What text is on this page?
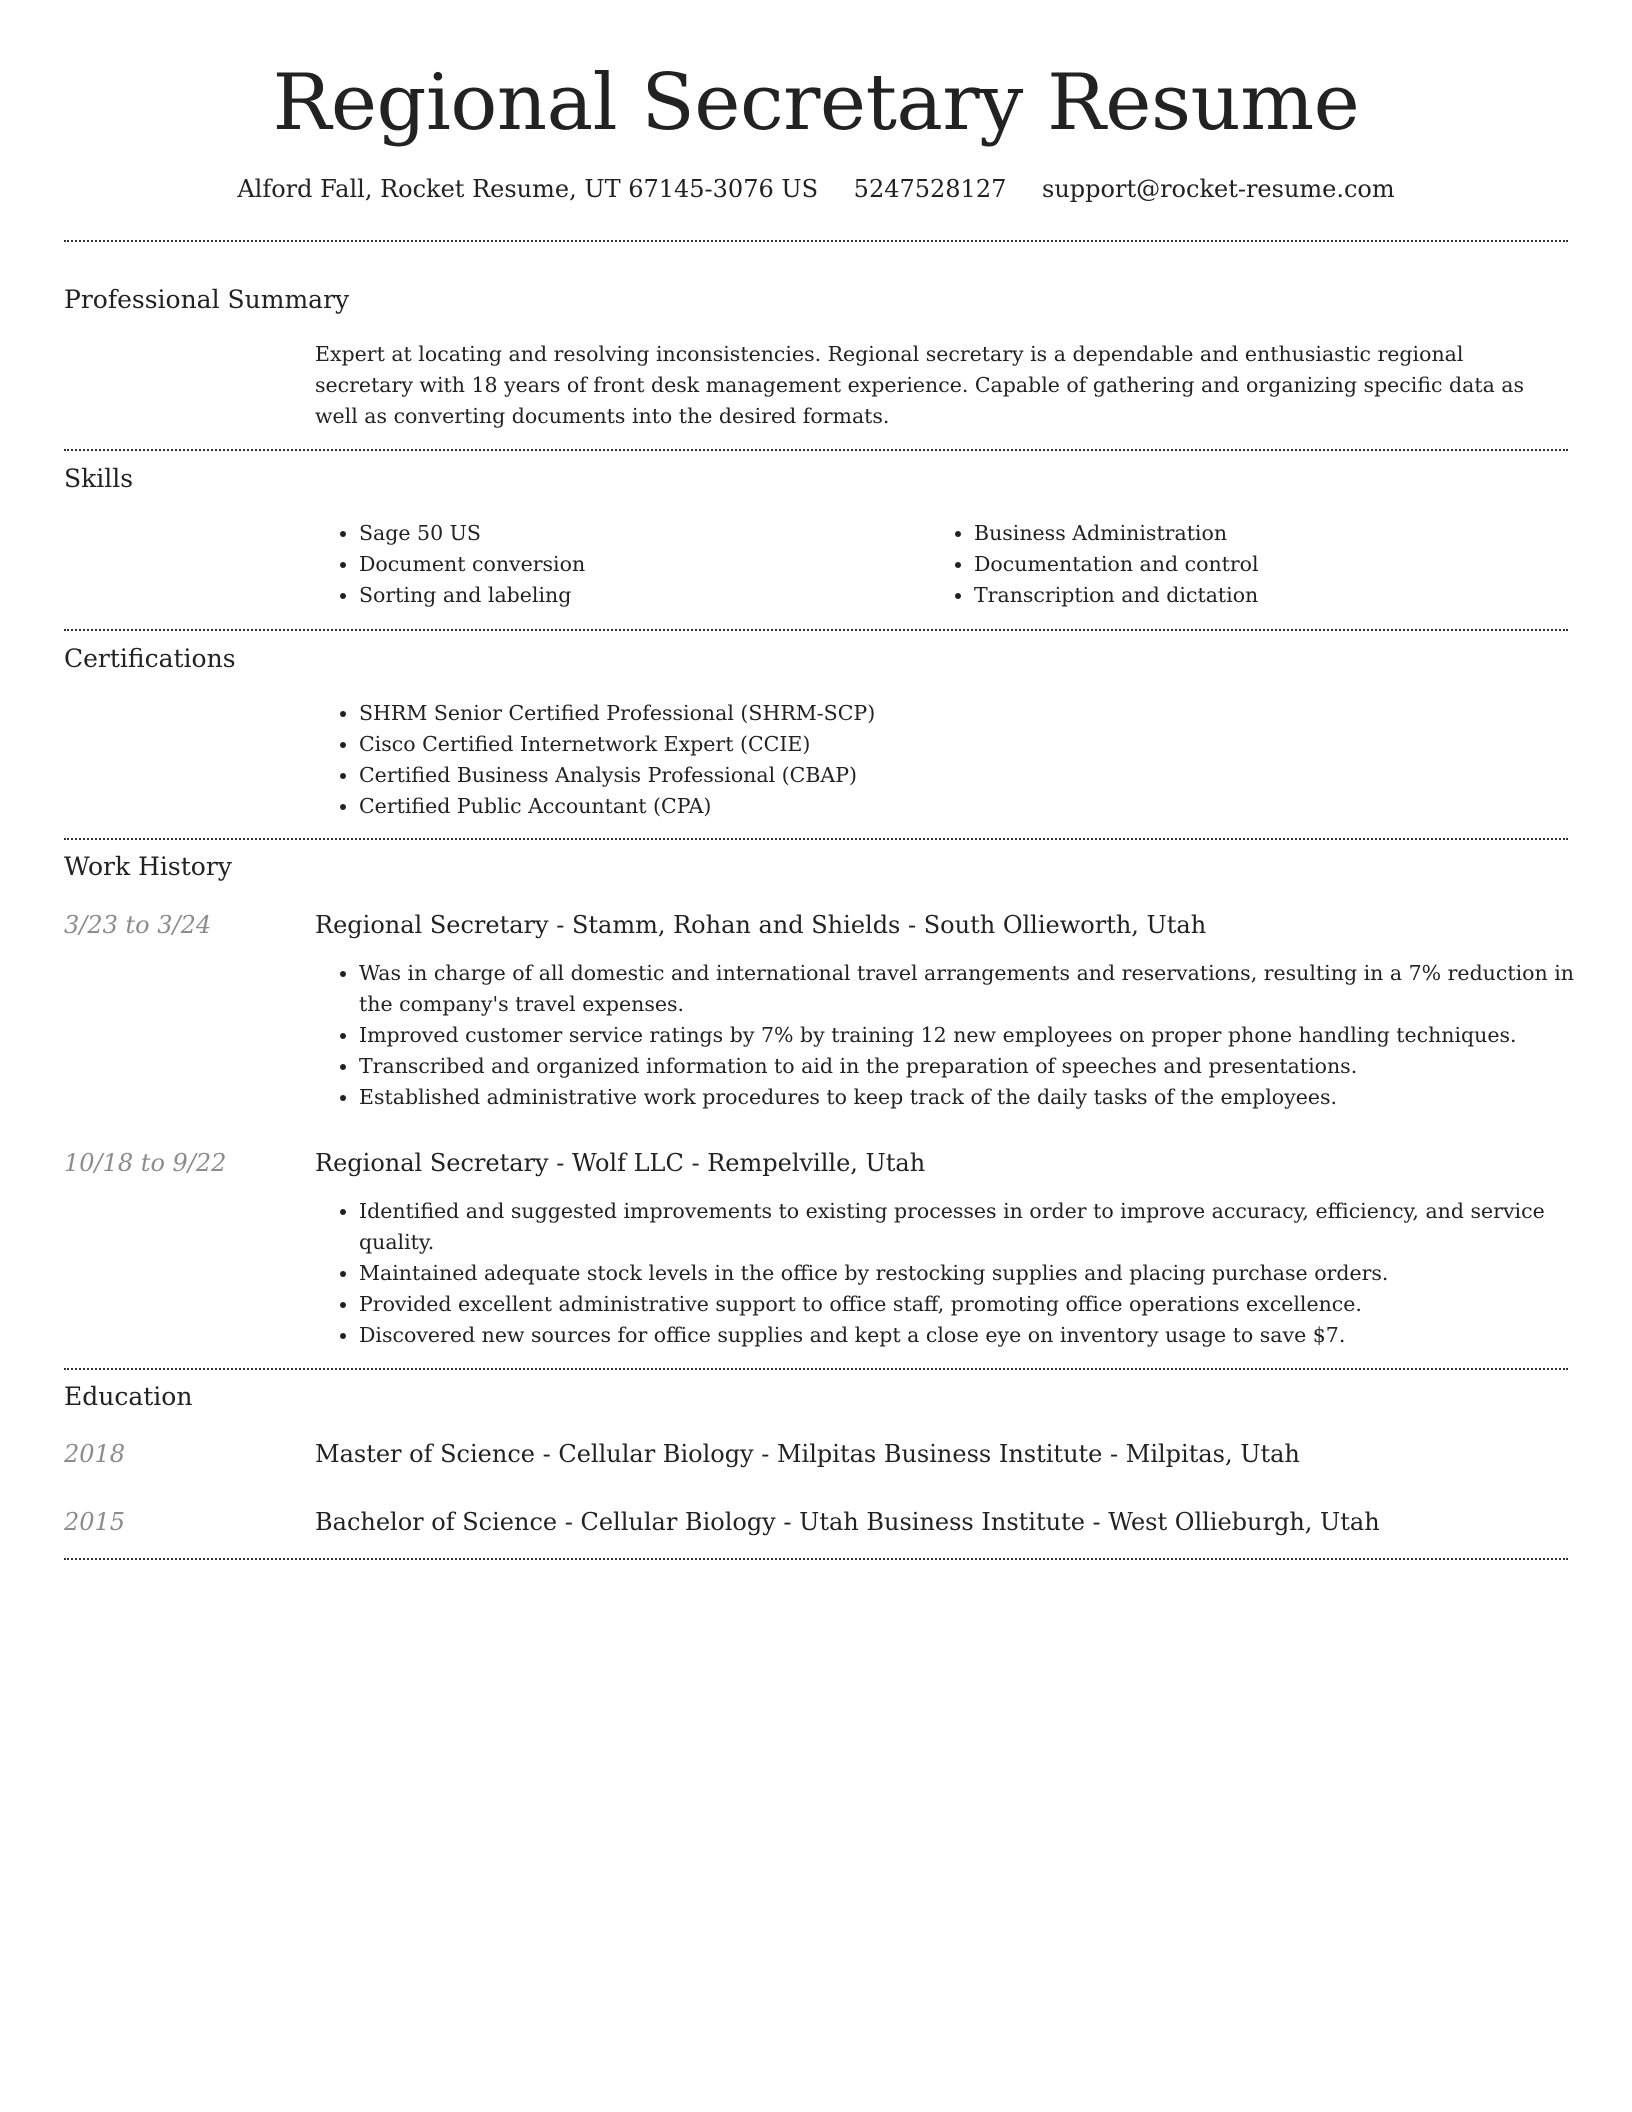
Regional Secretary Resume
Alford Fall, Rocket Resume, UT 67145-3076 US 5247528127 support@rocket-resume.com
Professional Summary
Expert at locating and resolving inconsistencies. Regional secretary is a dependable and enthusiastic regional secretary with 18 years of front desk management experience. Capable of gathering and organizing specific data as well as converting documents into the desired formats.
Skills
• Sage 50 US
• Document conversion
• Sorting and labeling
• Business Administration
• Documentation and control
• Transcription and dictation
Certifications
• SHRM Senior Certified Professional (SHRM-SCP)
• Cisco Certified Internetwork Expert (CCIE)
• Certified Business Analysis Professional (CBAP)
• Certified Public Accountant (CPA)
Work History
3/23 to 3/24	Regional Secretary - Stamm, Rohan and Shields - South Ollieworth, Utah
• Was in charge of all domestic and international travel arrangements and reservations, resulting in a 7% reduction in the company's travel expenses.
• Improved customer service ratings by 7% by training 12 new employees on proper phone handling techniques.
• Transcribed and organized information to aid in the preparation of speeches and presentations.
• Established administrative work procedures to keep track of the daily tasks of the employees.
10/18 to 9/22	Regional Secretary - Wolf LLC - Rempelville, Utah
• Identified and suggested improvements to existing processes in order to improve accuracy, efficiency, and service quality.
• Maintained adequate stock levels in the office by restocking supplies and placing purchase orders.
• Provided excellent administrative support to office staff, promoting office operations excellence.
• Discovered new sources for office supplies and kept a close eye on inventory usage to save $7.
Education
2018	Master of Science - Cellular Biology - Milpitas Business Institute - Milpitas, Utah
2015	Bachelor of Science - Cellular Biology - Utah Business Institute - West Ollieburgh, Utah
